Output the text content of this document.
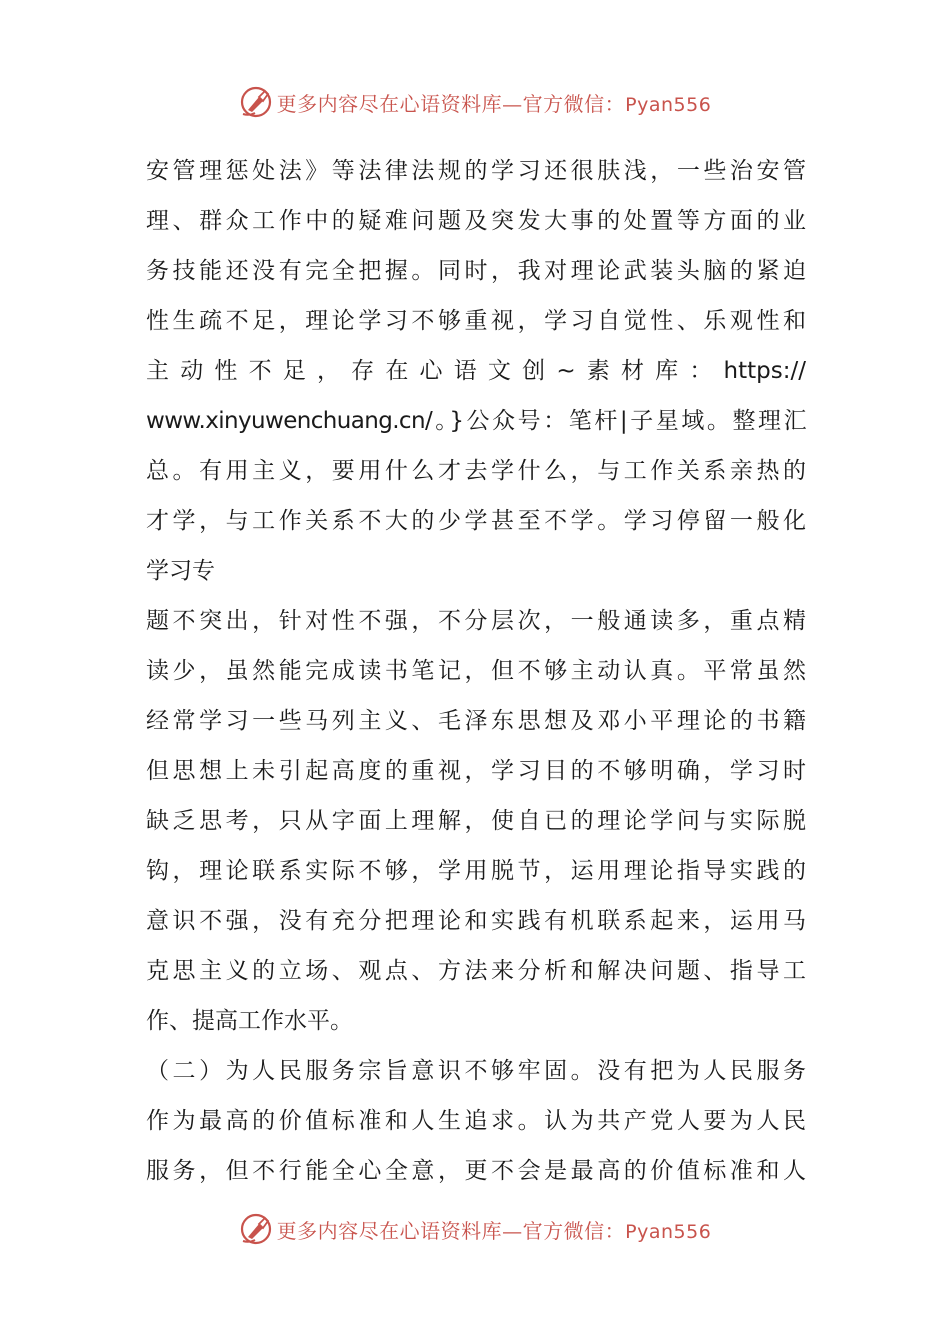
更多内容尽在心语资料库—官方微信：Pyan556
安管理惩处法》等法律法规的学习还很肤浅，一些治安管
理、群众工作中的疑难问题及突发大事的处置等方面的业
务技能还没有完全把握。同时，我对理论武装头脑的紧迫
性生疏不足，理论学习不够重视，学习自觉性、乐观性和
主动性不足，存在心语文创~素材库：https://
www.xinyuwenchuang.cn/。}公众号：笔杆|子星域。整理汇
总。有用主义，要用什么才去学什么，与工作关系亲热的
才学，与工作关系不大的少学甚至不学。学习停留一般化
学习专
题不突出，针对性不强，不分层次，一般通读多，重点精
读少，虽然能完成读书笔记，但不够主动认真。平常虽然
经常学习一些马列主义、毛泽东思想及邓小平理论的书籍
但思想上未引起高度的重视，学习目的不够明确，学习时
缺乏思考，只从字面上理解，使自已的理论学问与实际脱
钩，理论联系实际不够，学用脱节，运用理论指导实践的
意识不强，没有充分把理论和实践有机联系起来，运用马
克思主义的立场、观点、方法来分析和解决问题、指导工
作、提高工作水平。
（二）为人民服务宗旨意识不够牢固。没有把为人民服务
作为最高的价值标准和人生追求。认为共产党人要为人民
服务，但不行能全心全意，更不会是最高的价值标准和人
更多内容尽在心语资料库—官方微信：Pyan556
